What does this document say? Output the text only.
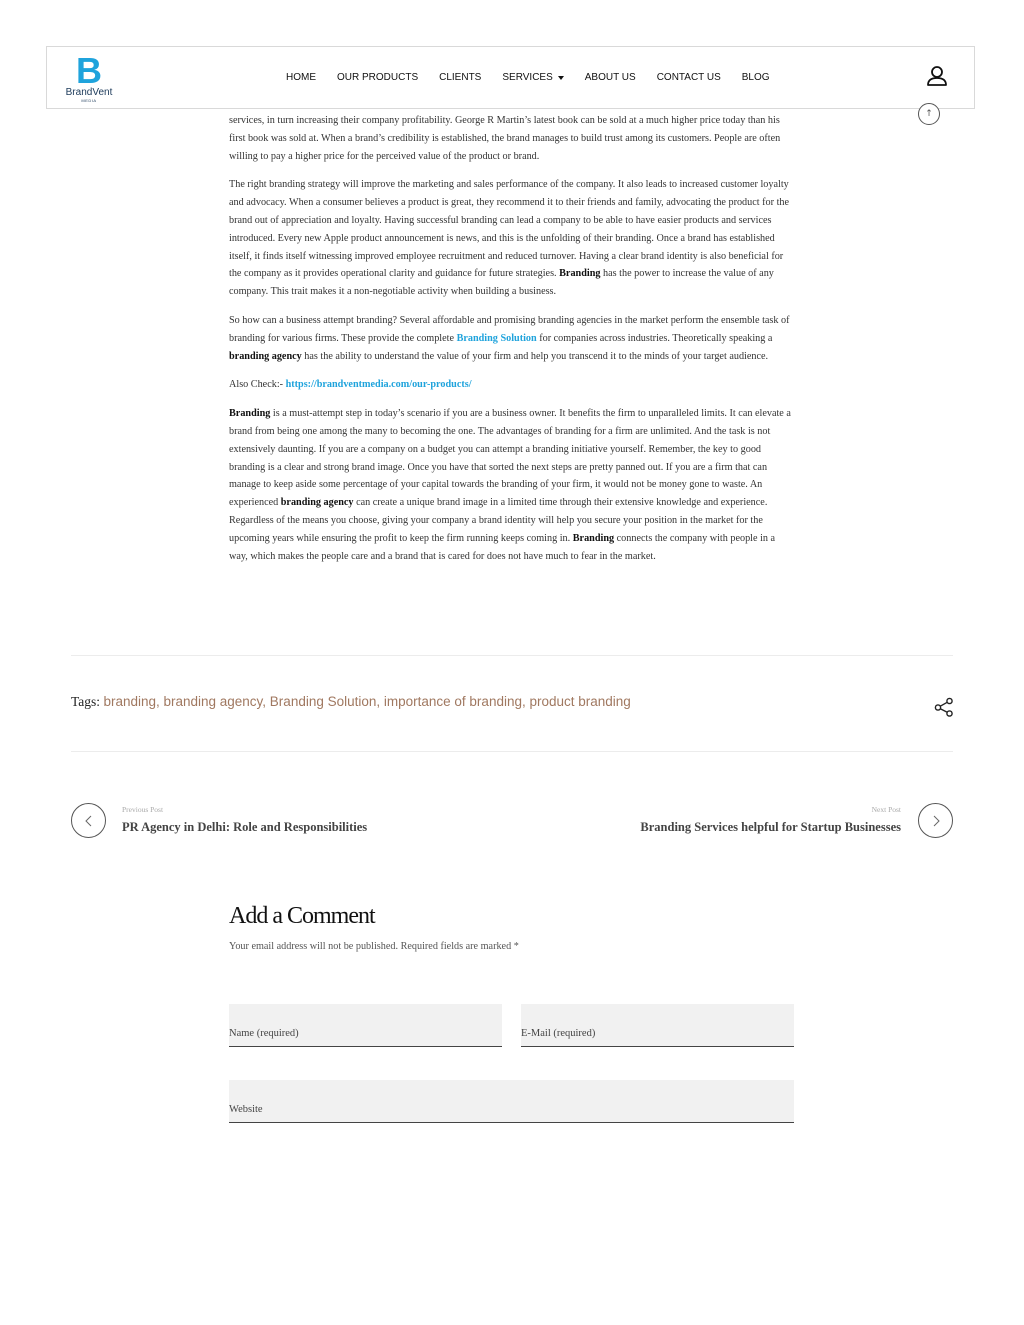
B
BrandVent
MEDIA
HOME OUR PRODUCTS CLIENTS SERVICES	ABOUT US CONTACT US BLOG
↑

services, in turn increasing their company profitability. George R Martin’s latest book can be sold at a much higher price today than his first book was sold at. When a brand’s credibility is established, the brand manages to build trust among its customers. People are often willing to pay a higher price for the perceived value of the product or brand.

The right branding strategy will improve the marketing and sales performance of the company. It also leads to increased customer loyalty and advocacy. When a consumer believes a product is great, they recommend it to their friends and family, advocating the product for the brand out of appreciation and loyalty. Having successful branding can lead a company to be able to have easier products and services introduced. Every new Apple product announcement is news, and this is the unfolding of their branding. Once a brand has established itself, it finds itself witnessing improved employee recruitment and reduced turnover. Having a clear brand identity is also beneficial for the company as it provides operational clarity and guidance for future strategies. Branding has the power to increase the value of any company. This trait makes it a non-negotiable activity when building a business.

So how can a business attempt branding? Several affordable and promising branding agencies in the market perform the ensemble task of branding for various firms. These provide the complete Branding Solution for companies across industries. Theoretically speaking a branding agency has the ability to understand the value of your firm and help you transcend it to the minds of your target audience.

Also Check:- https://brandventmedia.com/our-products/

Branding is a must-attempt step in today’s scenario if you are a business owner. It benefits the firm to unparalleled limits. It can elevate a brand from being one among the many to becoming the one. The advantages of branding for a firm are unlimited. And the task is not extensively daunting. If you are a company on a budget you can attempt a branding initiative yourself. Remember, the key to good branding is a clear and strong brand image. Once you have that sorted the next steps are pretty panned out. If you are a firm that can manage to keep aside some percentage of your capital towards the branding of your firm, it would not be money gone to waste. An experienced branding agency can create a unique brand image in a limited time through their extensive knowledge and experience. Regardless of the means you choose, giving your company a brand identity will help you secure your position in the market for the upcoming years while ensuring the profit to keep the firm running keeps coming in. Branding connects the company with people in a way, which makes the people care and a brand that is cared for does not have much to fear in the market.

Tags: branding, branding agency, Branding Solution, importance of branding, product branding
Previous Post
PR Agency in Delhi: Role and Responsibilities
Next Post
Branding Services helpful for Startup Businesses
Add a Comment
Your email address will not be published. Required fields are marked *
Name (required)
E-Mail (required)
Website
